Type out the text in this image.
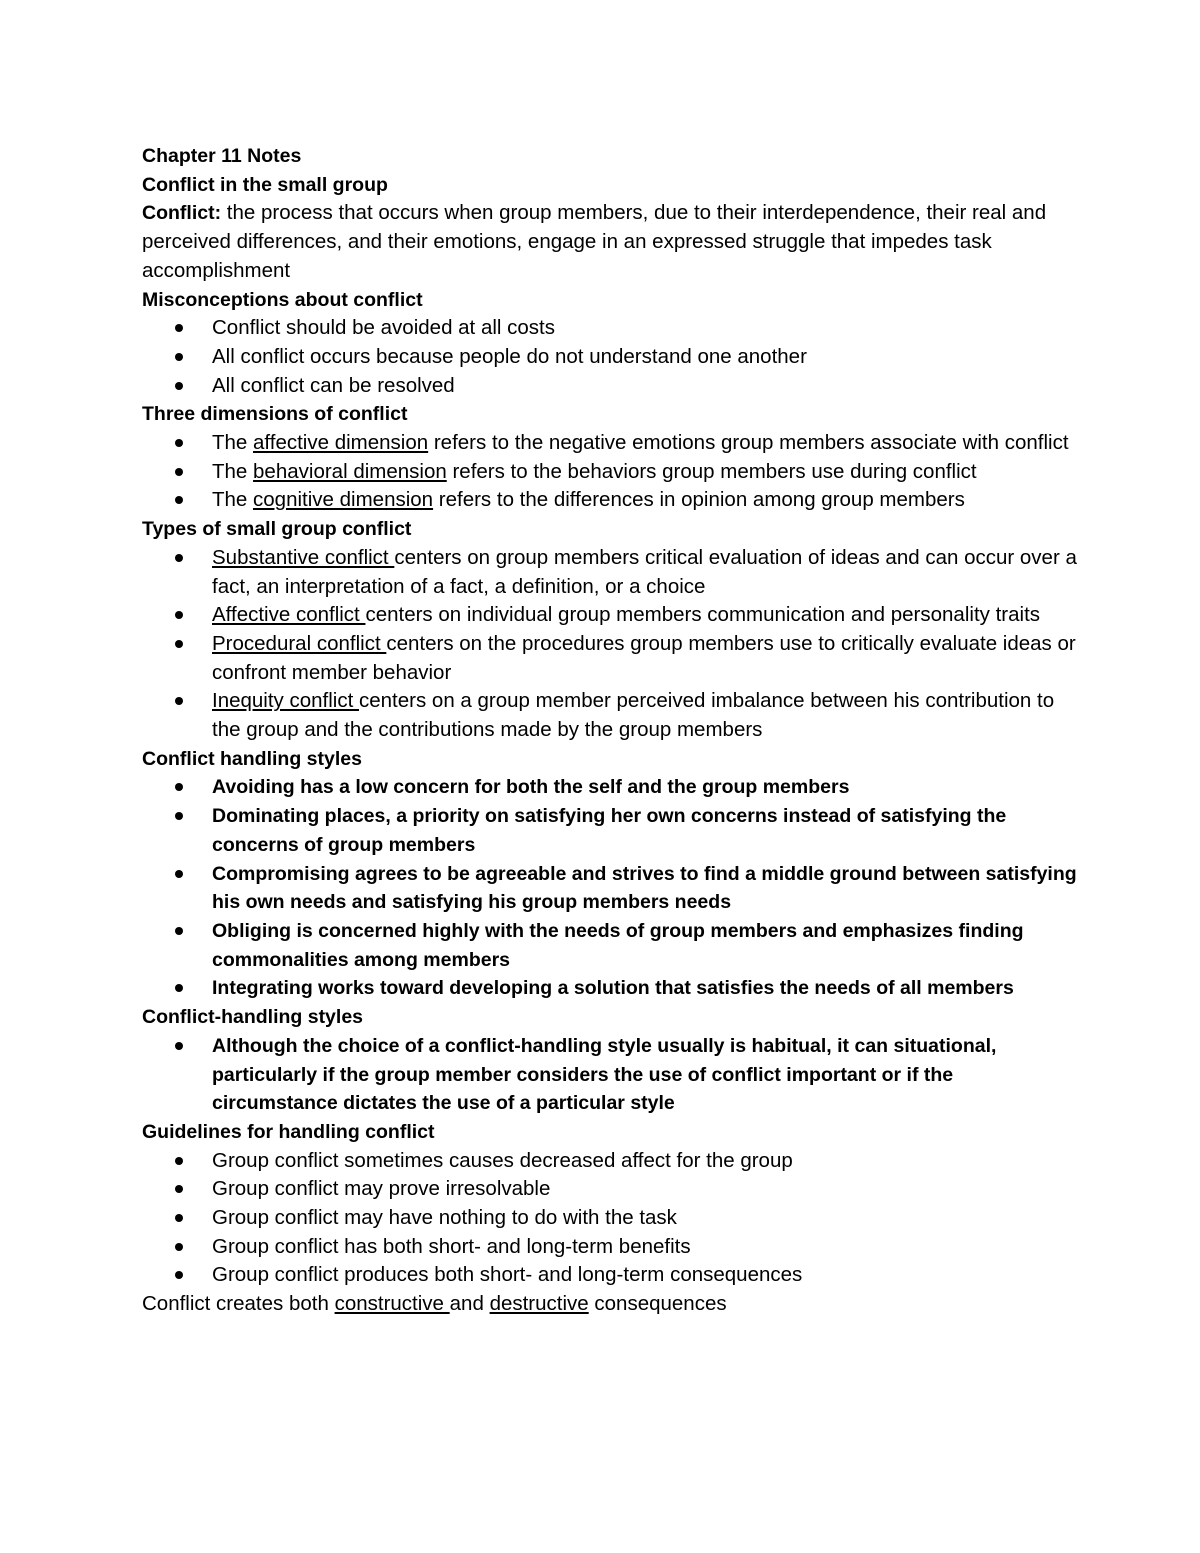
Chapter 11 Notes

Conflict in the small group

Conflict: the process that occurs when group members, due to their interdependence, their real and perceived differences, and their emotions, engage in an expressed struggle that impedes task accomplishment

Misconceptions about conflict

Conflict should be avoided at all costs
All conflict occurs because people do not understand one another
All conflict can be resolved

Three dimensions of conflict

The affective dimension refers to the negative emotions group members associate with conflict
The behavioral dimension refers to the behaviors group members use during conflict
The cognitive dimension refers to the differences in opinion among group members

Types of small group conflict

Substantive conflict centers on group members critical evaluation of ideas and can occur over a fact, an interpretation of a fact, a definition, or a choice
Affective conflict centers on individual group members communication and personality traits
Procedural conflict centers on the procedures group members use to critically evaluate ideas or confront member behavior
Inequity conflict centers on a group member perceived imbalance between his contribution to the group and the contributions made by the group members

Conflict handling styles

Avoiding has a low concern for both the self and the group members
Dominating places, a priority on satisfying her own concerns instead of satisfying the concerns of group members
Compromising agrees to be agreeable and strives to find a middle ground between satisfying his own needs and satisfying his group members needs
Obliging is concerned highly with the needs of group members and emphasizes finding commonalities among members
Integrating works toward developing a solution that satisfies the needs of all members

Conflict-handling styles

Although the choice of a conflict-handling style usually is habitual, it can situational, particularly if the group member considers the use of conflict important or if the circumstance dictates the use of a particular style

Guidelines for handling conflict

Group conflict sometimes causes decreased affect for the group
Group conflict may prove irresolvable
Group conflict may have nothing to do with the task
Group conflict has both short- and long-term benefits
Group conflict produces both short- and long-term consequences

Conflict creates both constructive and destructive consequences
